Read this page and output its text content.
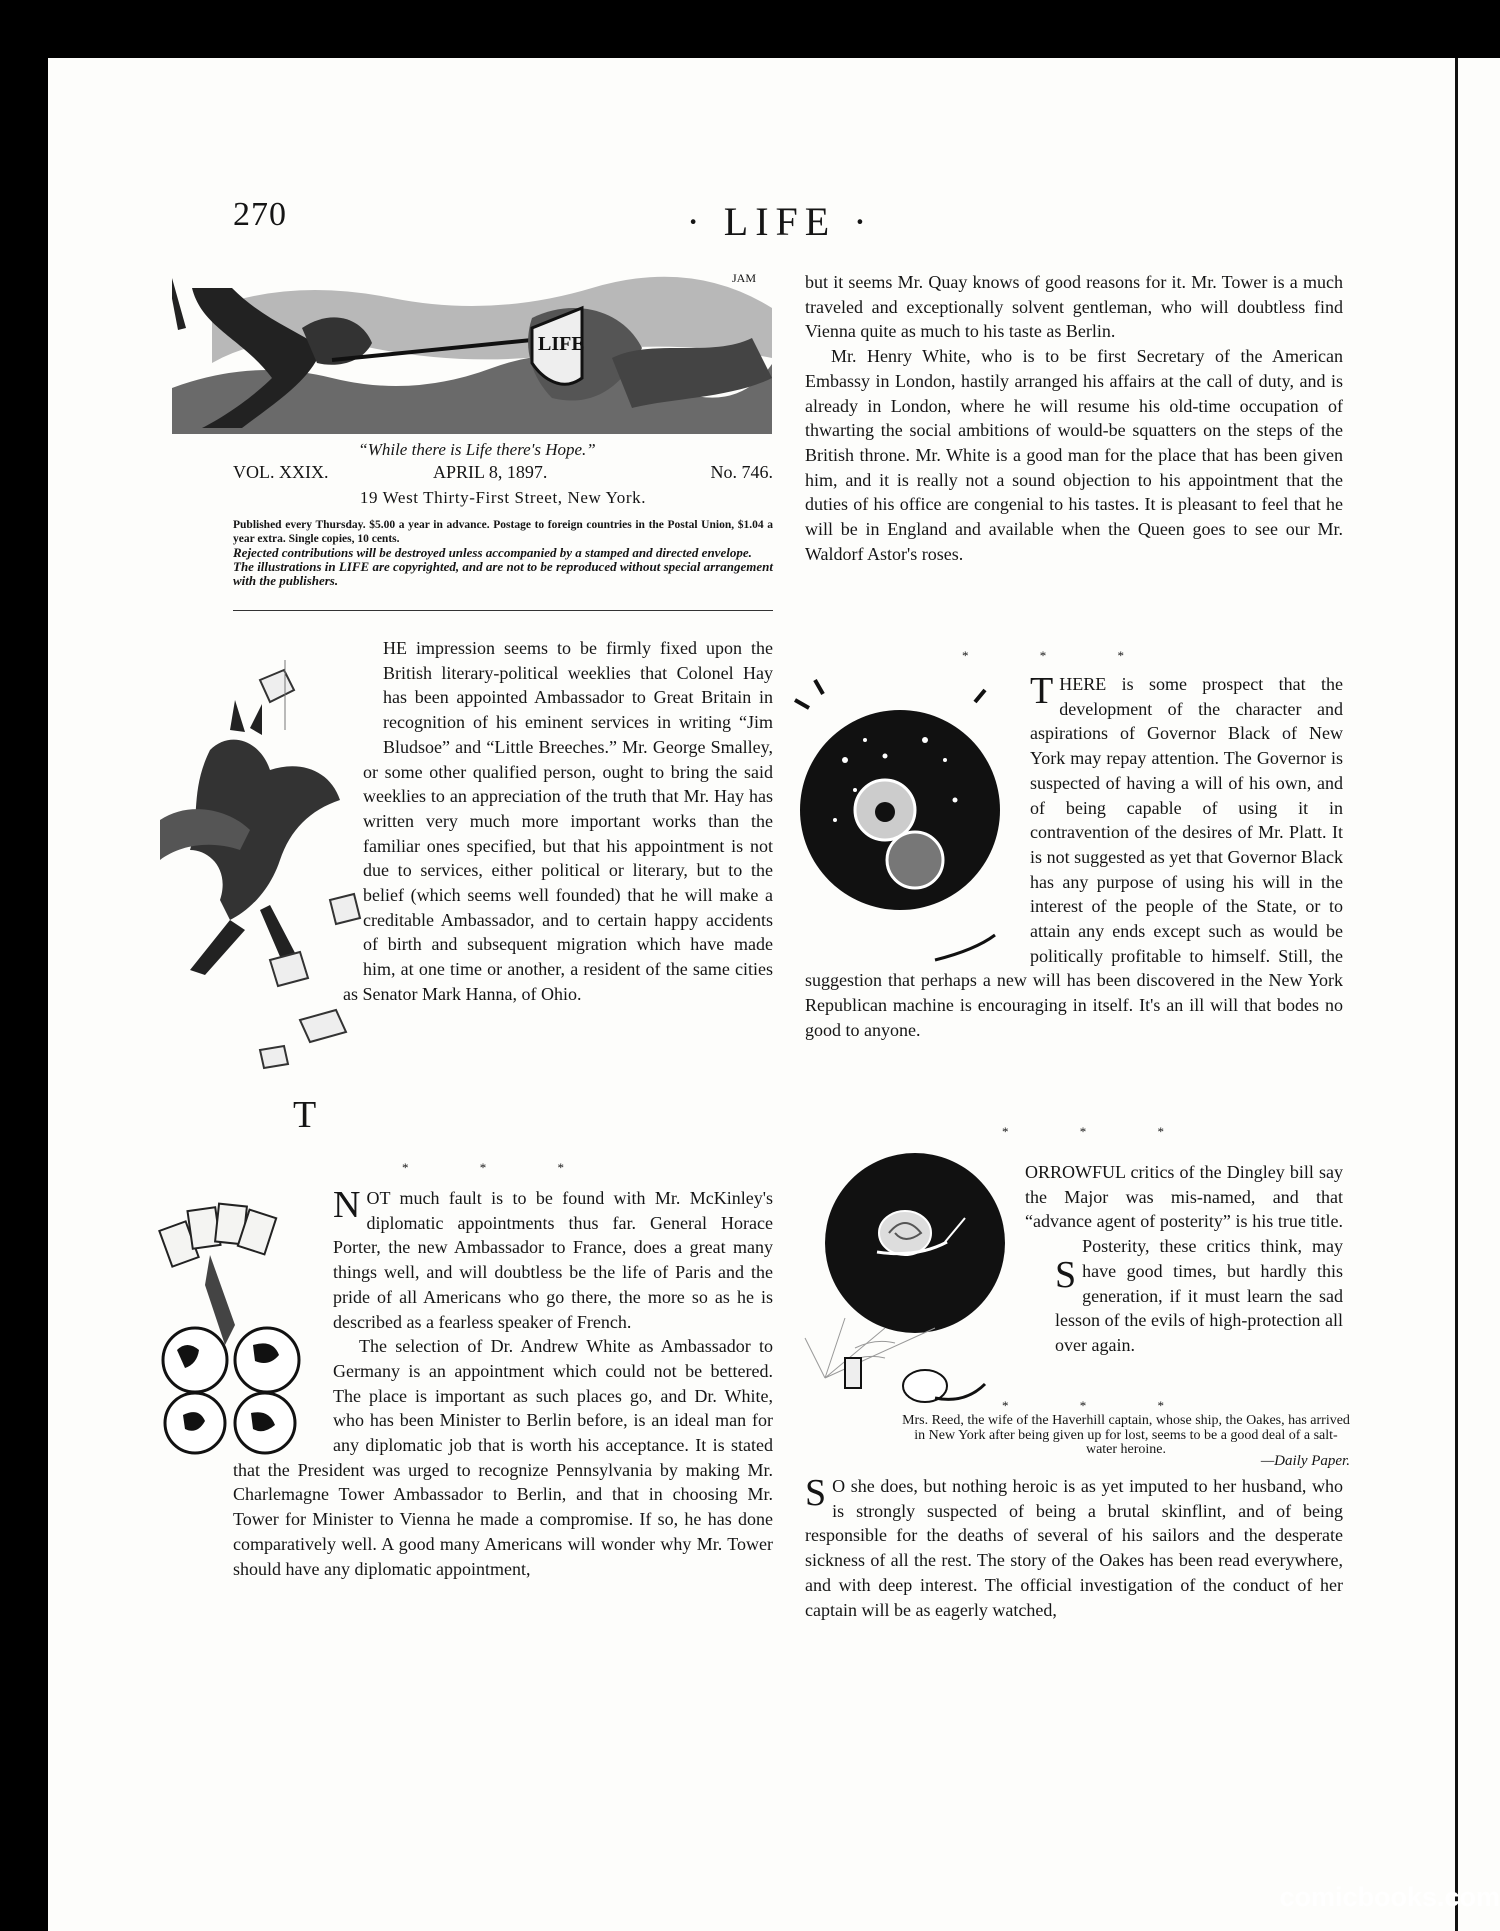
270	· LIFE ·
LIFE
JAM
“While there is Life there's Hope.”
VOL. XXIX.	APRIL 8, 1897.	No. 746.
19 West Thirty-First Street, New York.
Published every Thursday. $5.00 a year in advance. Postage to foreign countries in the Postal Union, $1.04 a year extra. Single copies, 10 cents.
Rejected contributions will be destroyed unless accompanied by a stamped and directed envelope.
The illustrations in LIFE are copyrighted, and are not to be reproduced without special arrangement with the publishers.
T
HE impression seems to be firmly fixed upon the British literary-political weeklies that Colonel Hay has been appointed Ambassador to Great Britain in recognition of his eminent services in writing “Jim Bludsoe” and “Little Breeches.” Mr. George Smalley, or some other qualified person, ought to bring the said weeklies to an appreciation of the truth that Mr. Hay has written very much more important works than the familiar ones specified, but that his appointment is not due to services, either political or literary, but to the belief (which seems well founded) that he will make a creditable Ambassador, and to certain happy accidents of birth and subsequent migration which have made him, at one time or another, a resident of the same cities as Senator Mark Hanna, of Ohio.
* * *
NOT much fault is to be found with Mr. McKinley's diplomatic appointments thus far. General Horace Porter, the new Ambassador to France, does a great many things well, and will doubtless be the life of Paris and the pride of all Americans who go there, the more so as he is described as a fearless speaker of French.
The selection of Dr. Andrew White as Ambassador to Germany is an appointment which could not be bettered. The place is important as such places go, and Dr. White, who has been Minister to Berlin before, is an ideal man for any diplomatic job that is worth his acceptance. It is stated that the President was urged to recognize Pennsylvania by making Mr. Charlemagne Tower Ambassador to Berlin, and that in choosing Mr. Tower for Minister to Vienna he made a compromise. If so, he has done comparatively well. A good many Americans will wonder why Mr. Tower should have any diplomatic appointment,
but it seems Mr. Quay knows of good reasons for it. Mr. Tower is a much traveled and exceptionally solvent gentleman, who will doubtless find Vienna quite as much to his taste as Berlin.
Mr. Henry White, who is to be first Secretary of the American Embassy in London, hastily arranged his affairs at the call of duty, and is already in London, where he will resume his old-time occupation of thwarting the social ambitions of would-be squatters on the steps of the British throne. Mr. White is a good man for the place that has been given him, and it is really not a sound objection to his appointment that the duties of his office are congenial to his tastes. It is pleasant to feel that he will be in England and available when the Queen goes to see our Mr. Waldorf Astor's roses.
* * *
THERE is some prospect that the development of the character and aspirations of Governor Black of New York may repay attention. The Governor is suspected of having a will of his own, and of being capable of using it in contravention of the desires of Mr. Platt. It is not suggested as yet that Governor Black has any purpose of using his will in the interest of the people of the State, or to attain any ends except such as would be politically profitable to himself. Still, the suggestion that perhaps a new will has been discovered in the New York Republican machine is encouraging in itself. It's an ill will that bodes no good to anyone.
* * *
S
ORROWFUL critics of the Dingley bill say the Major was mis-named, and that “advance agent of posterity” is his true title. Posterity, these critics think, may have good times, but hardly this generation, if it must learn the sad lesson of the evils of high-protection all over again.
* * *
Mrs. Reed, the wife of the Haverhill captain, whose ship, the Oakes, has arrived in New York after being given up for lost, seems to be a good deal of a salt-water heroine.
—Daily Paper.
S O she does, but nothing heroic is as yet imputed to her husband, who is strongly suspected of being a brutal skinflint, and of being responsible for the deaths of several of his sailors and the desperate sickness of all the rest. The story of the Oakes has been read everywhere, and with deep interest. The official investigation of the conduct of her captain will be as eagerly watched,
comicbooks.com
